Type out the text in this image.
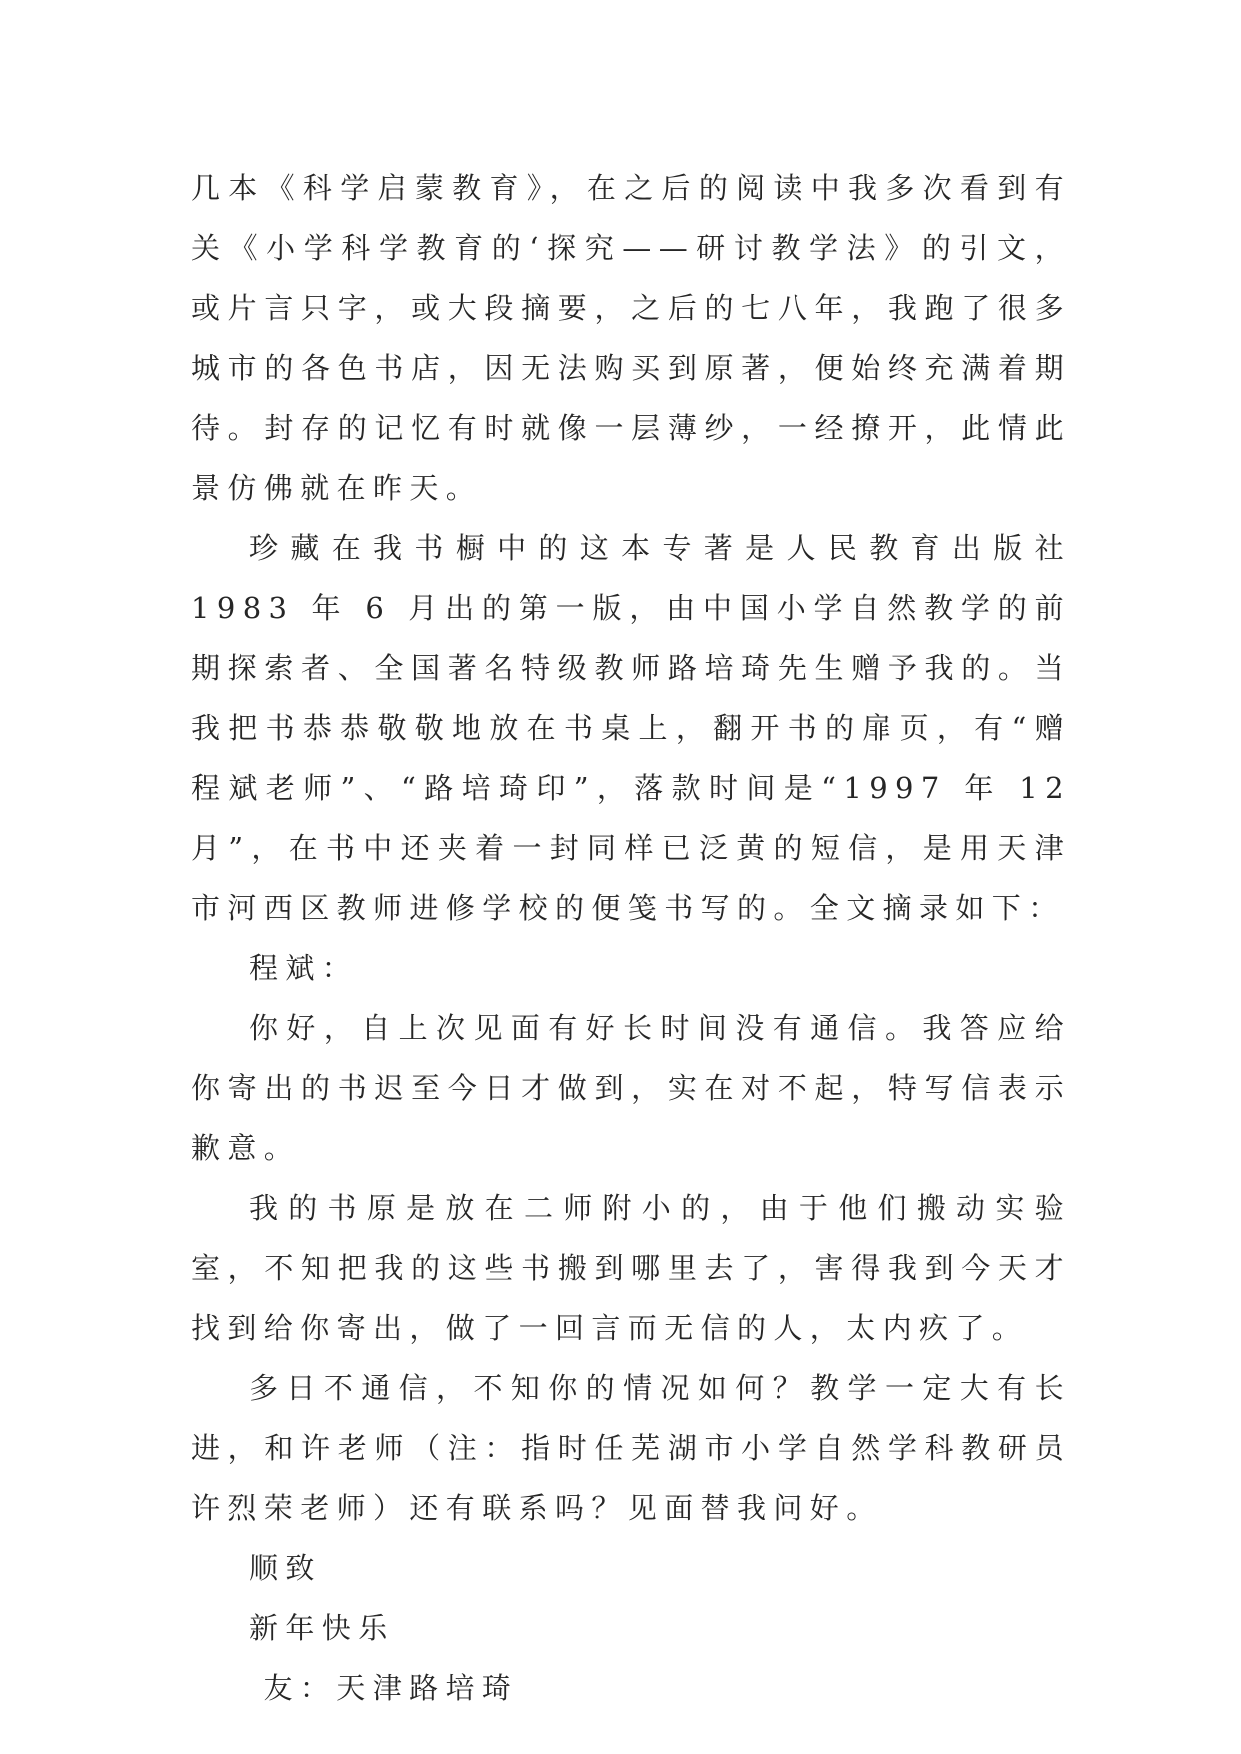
几本《科学启蒙教育》，在之后的阅读中我多次看到有关《小学科学教育的‘探究——研讨教学法》的引文，或片言只字，或大段摘要，之后的七八年，我跑了很多城市的各色书店，因无法购买到原著，便始终充满着期待。封存的记忆有时就像一层薄纱，一经撩开，此情此景仿佛就在昨天。

珍藏在我书橱中的这本专著是人民教育出版社 1983 年 6 月出的第一版，由中国小学自然教学的前期探索者、全国著名特级教师路培琦先生赠予我的。当我把书恭恭敬敬地放在书桌上，翻开书的扉页，有“赠程斌老师”、“路培琦印”，落款时间是“1997 年 12 月”，在书中还夹着一封同样已泛黄的短信，是用天津市河西区教师进修学校的便笺书写的。全文摘录如下：

程斌：

你好，自上次见面有好长时间没有通信。我答应给你寄出的书迟至今日才做到，实在对不起，特写信表示歉意。

我的书原是放在二师附小的，由于他们搬动实验室，不知把我的这些书搬到哪里去了，害得我到今天才找到给你寄出，做了一回言而无信的人，太内疚了。

多日不通信，不知你的情况如何？教学一定大有长进，和许老师（注：指时任芜湖市小学自然学科教研员许烈荣老师）还有联系吗？见面替我问好。

顺致

新年快乐

友：天津路培琦
